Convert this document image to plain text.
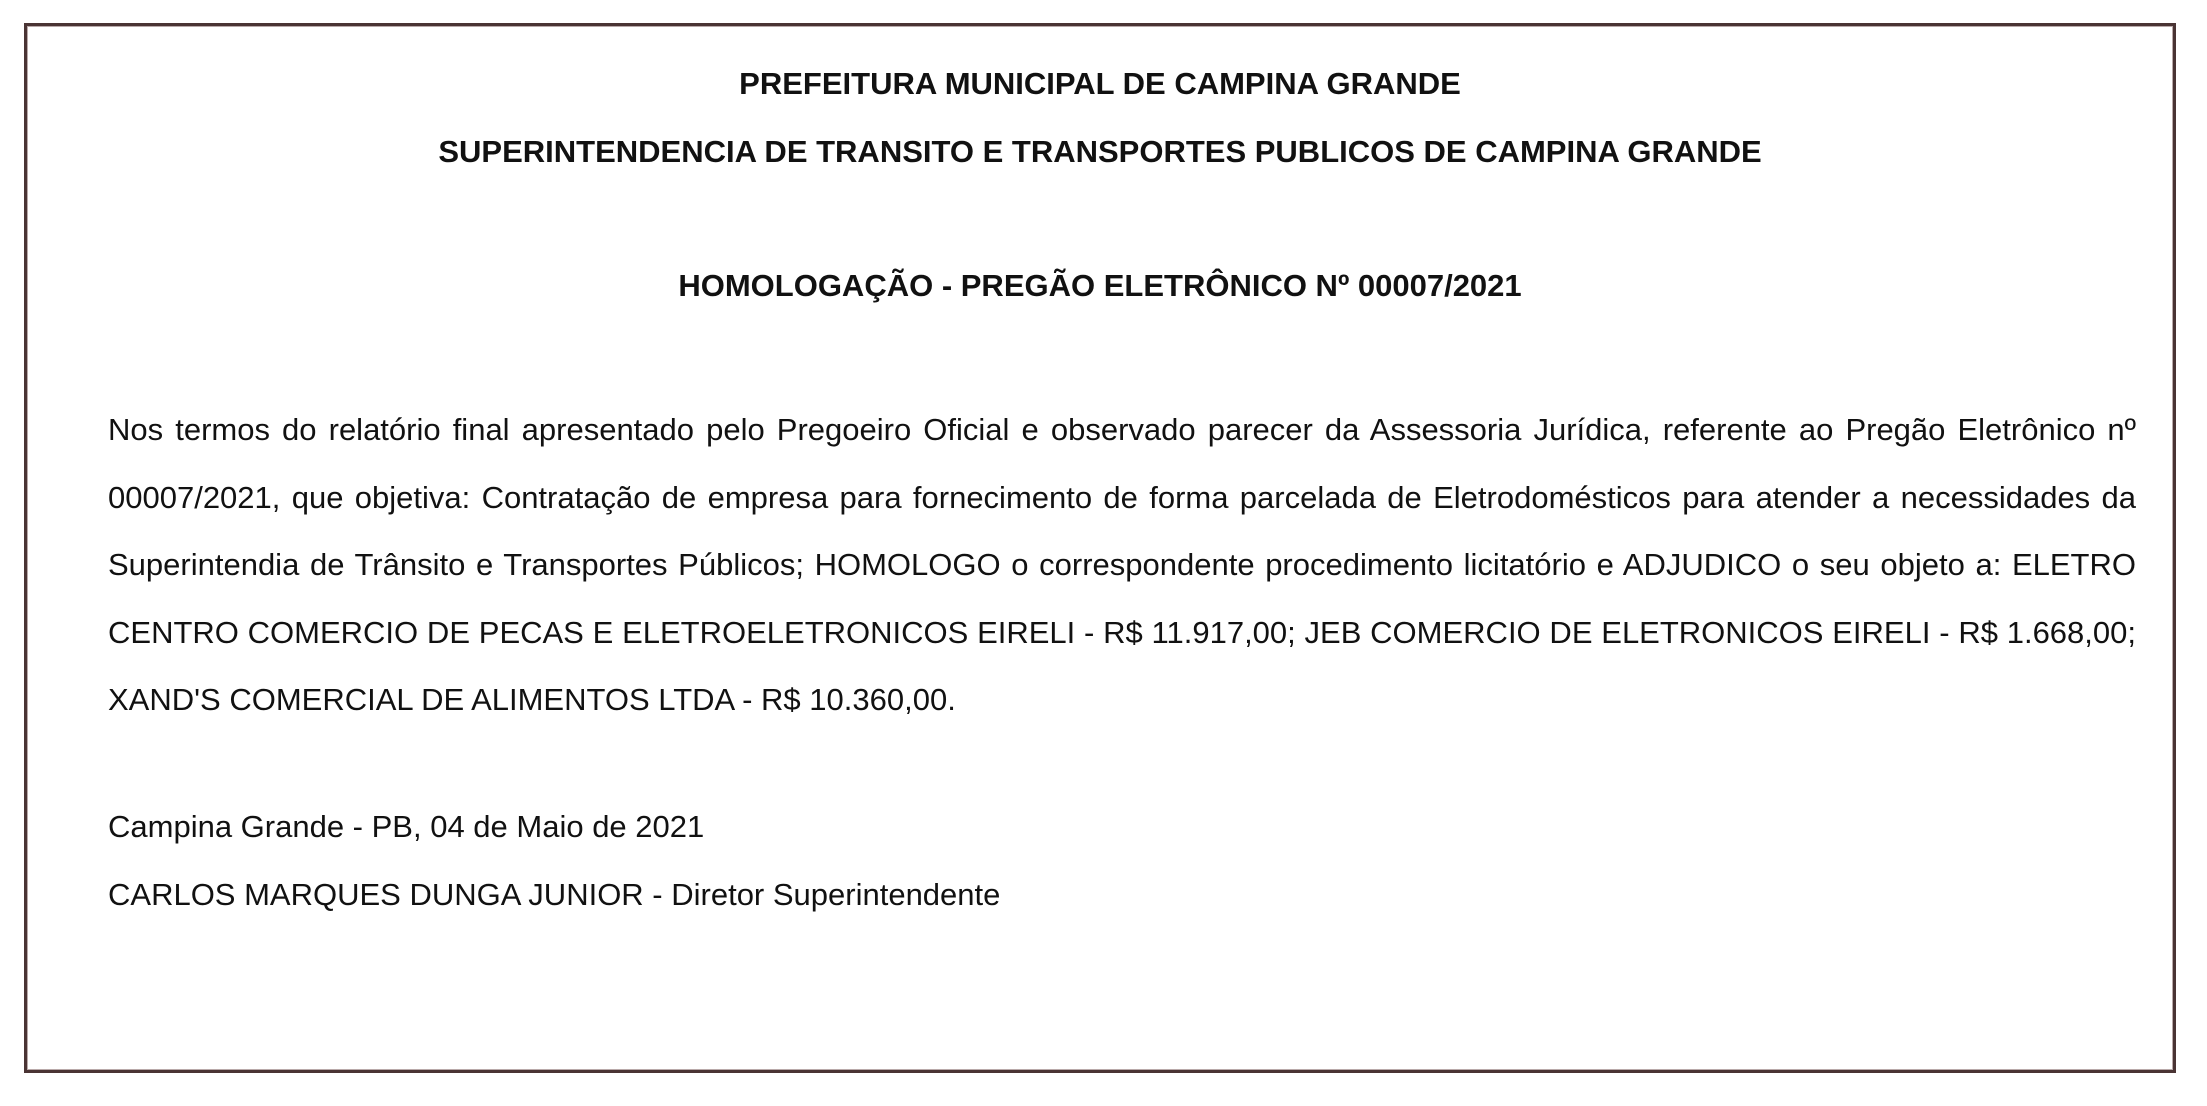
PREFEITURA MUNICIPAL DE CAMPINA GRANDE
SUPERINTENDENCIA DE TRANSITO E TRANSPORTES PUBLICOS DE CAMPINA GRANDE
HOMOLOGAÇÃO - PREGÃO ELETRÔNICO Nº 00007/2021

Nos termos do relatório final apresentado pelo Pregoeiro Oficial e observado parecer da Assessoria Jurídica, referente ao Pregão Eletrônico nº 00007/2021, que objetiva: Contratação de empresa para fornecimento de forma parcelada de Eletrodomésticos para atender a necessidades da Superintendia de Trânsito e Transportes Públicos; HOMOLOGO o correspondente procedimento licitatório e ADJUDICO o seu objeto a: ELETRO CENTRO COMERCIO DE PECAS E ELETROELETRONICOS EIRELI - R$ 11.917,00; JEB COMERCIO DE ELETRONICOS EIRELI - R$ 1.668,00; XAND'S COMERCIAL DE ALIMENTOS LTDA - R$ 10.360,00.

Campina Grande - PB, 04 de Maio de 2021

CARLOS MARQUES DUNGA JUNIOR - Diretor Superintendente
